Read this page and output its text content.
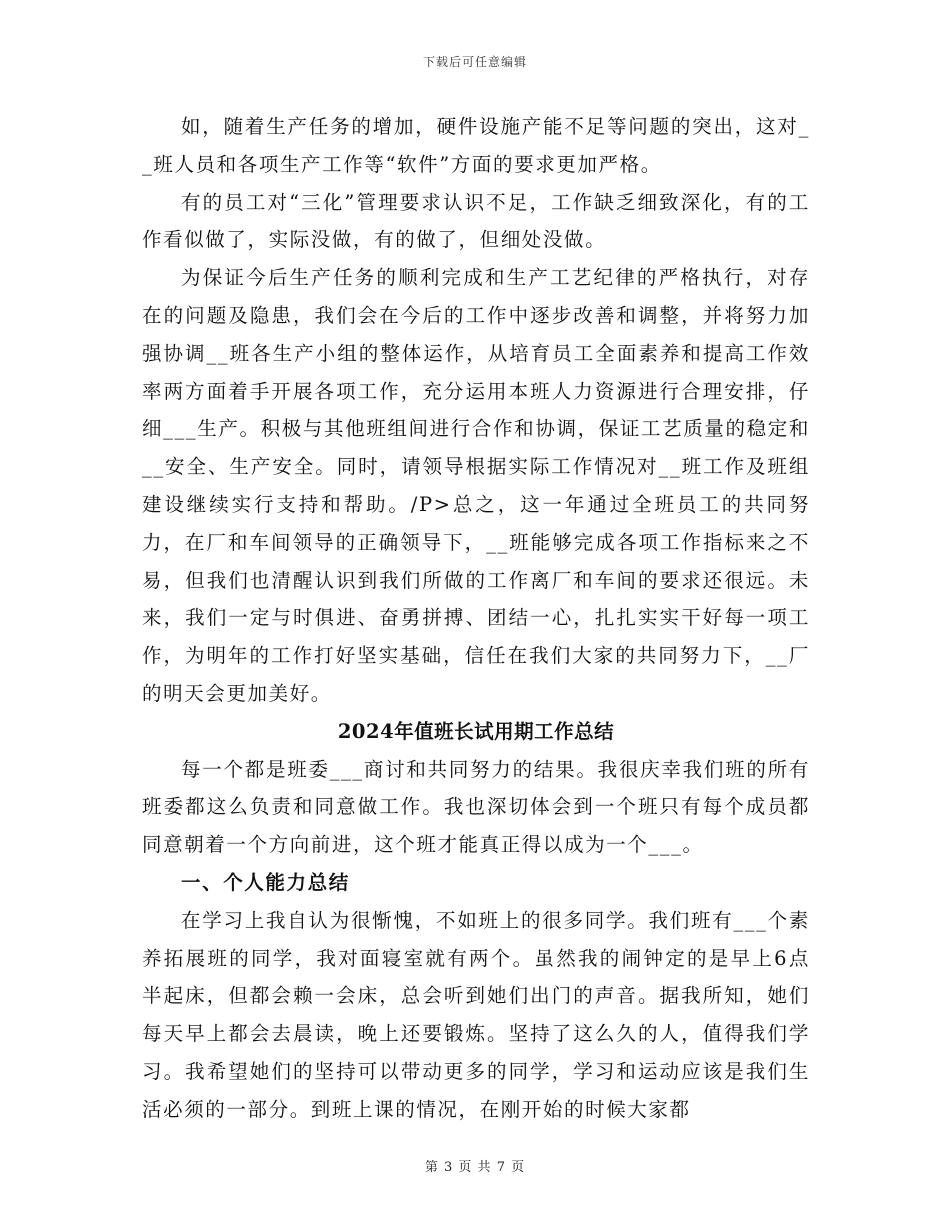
下载后可任意编辑

如，随着生产任务的增加，硬件设施产能不足等问题的突出，这对__班人员和各项生产工作等“软件”方面的要求更加严格。

有的员工对“三化”管理要求认识不足，工作缺乏细致深化，有的工作看似做了，实际没做，有的做了，但细处没做。

为保证今后生产任务的顺利完成和生产工艺纪律的严格执行，对存在的问题及隐患，我们会在今后的工作中逐步改善和调整，并将努力加强协调__班各生产小组的整体运作，从培育员工全面素养和提高工作效率两方面着手开展各项工作，充分运用本班人力资源进行合理安排，仔细___生产。积极与其他班组间进行合作和协调，保证工艺质量的稳定和__安全、生产安全。同时，请领导根据实际工作情况对__班工作及班组建设继续实行支持和帮助。/P>总之，这一年通过全班员工的共同努力，在厂和车间领导的正确领导下，__班能够完成各项工作指标来之不易，但我们也清醒认识到我们所做的工作离厂和车间的要求还很远。未来，我们一定与时俱进、奋勇拼搏、团结一心，扎扎实实干好每一项工作，为明年的工作打好坚实基础，信任在我们大家的共同努力下，__厂的明天会更加美好。

2024年值班长试用期工作总结

每一个都是班委___商讨和共同努力的结果。我很庆幸我们班的所有班委都这么负责和同意做工作。我也深切体会到一个班只有每个成员都同意朝着一个方向前进，这个班才能真正得以成为一个___。

一、个人能力总结

在学习上我自认为很惭愧，不如班上的很多同学。我们班有___个素养拓展班的同学，我对面寝室就有两个。虽然我的闹钟定的是早上6点半起床，但都会赖一会床，总会听到她们出门的声音。据我所知，她们每天早上都会去晨读，晚上还要锻炼。坚持了这么久的人，值得我们学习。我希望她们的坚持可以带动更多的同学，学习和运动应该是我们生活必须的一部分。到班上课的情况，在刚开始的时候大家都

第 3 页 共 7 页
